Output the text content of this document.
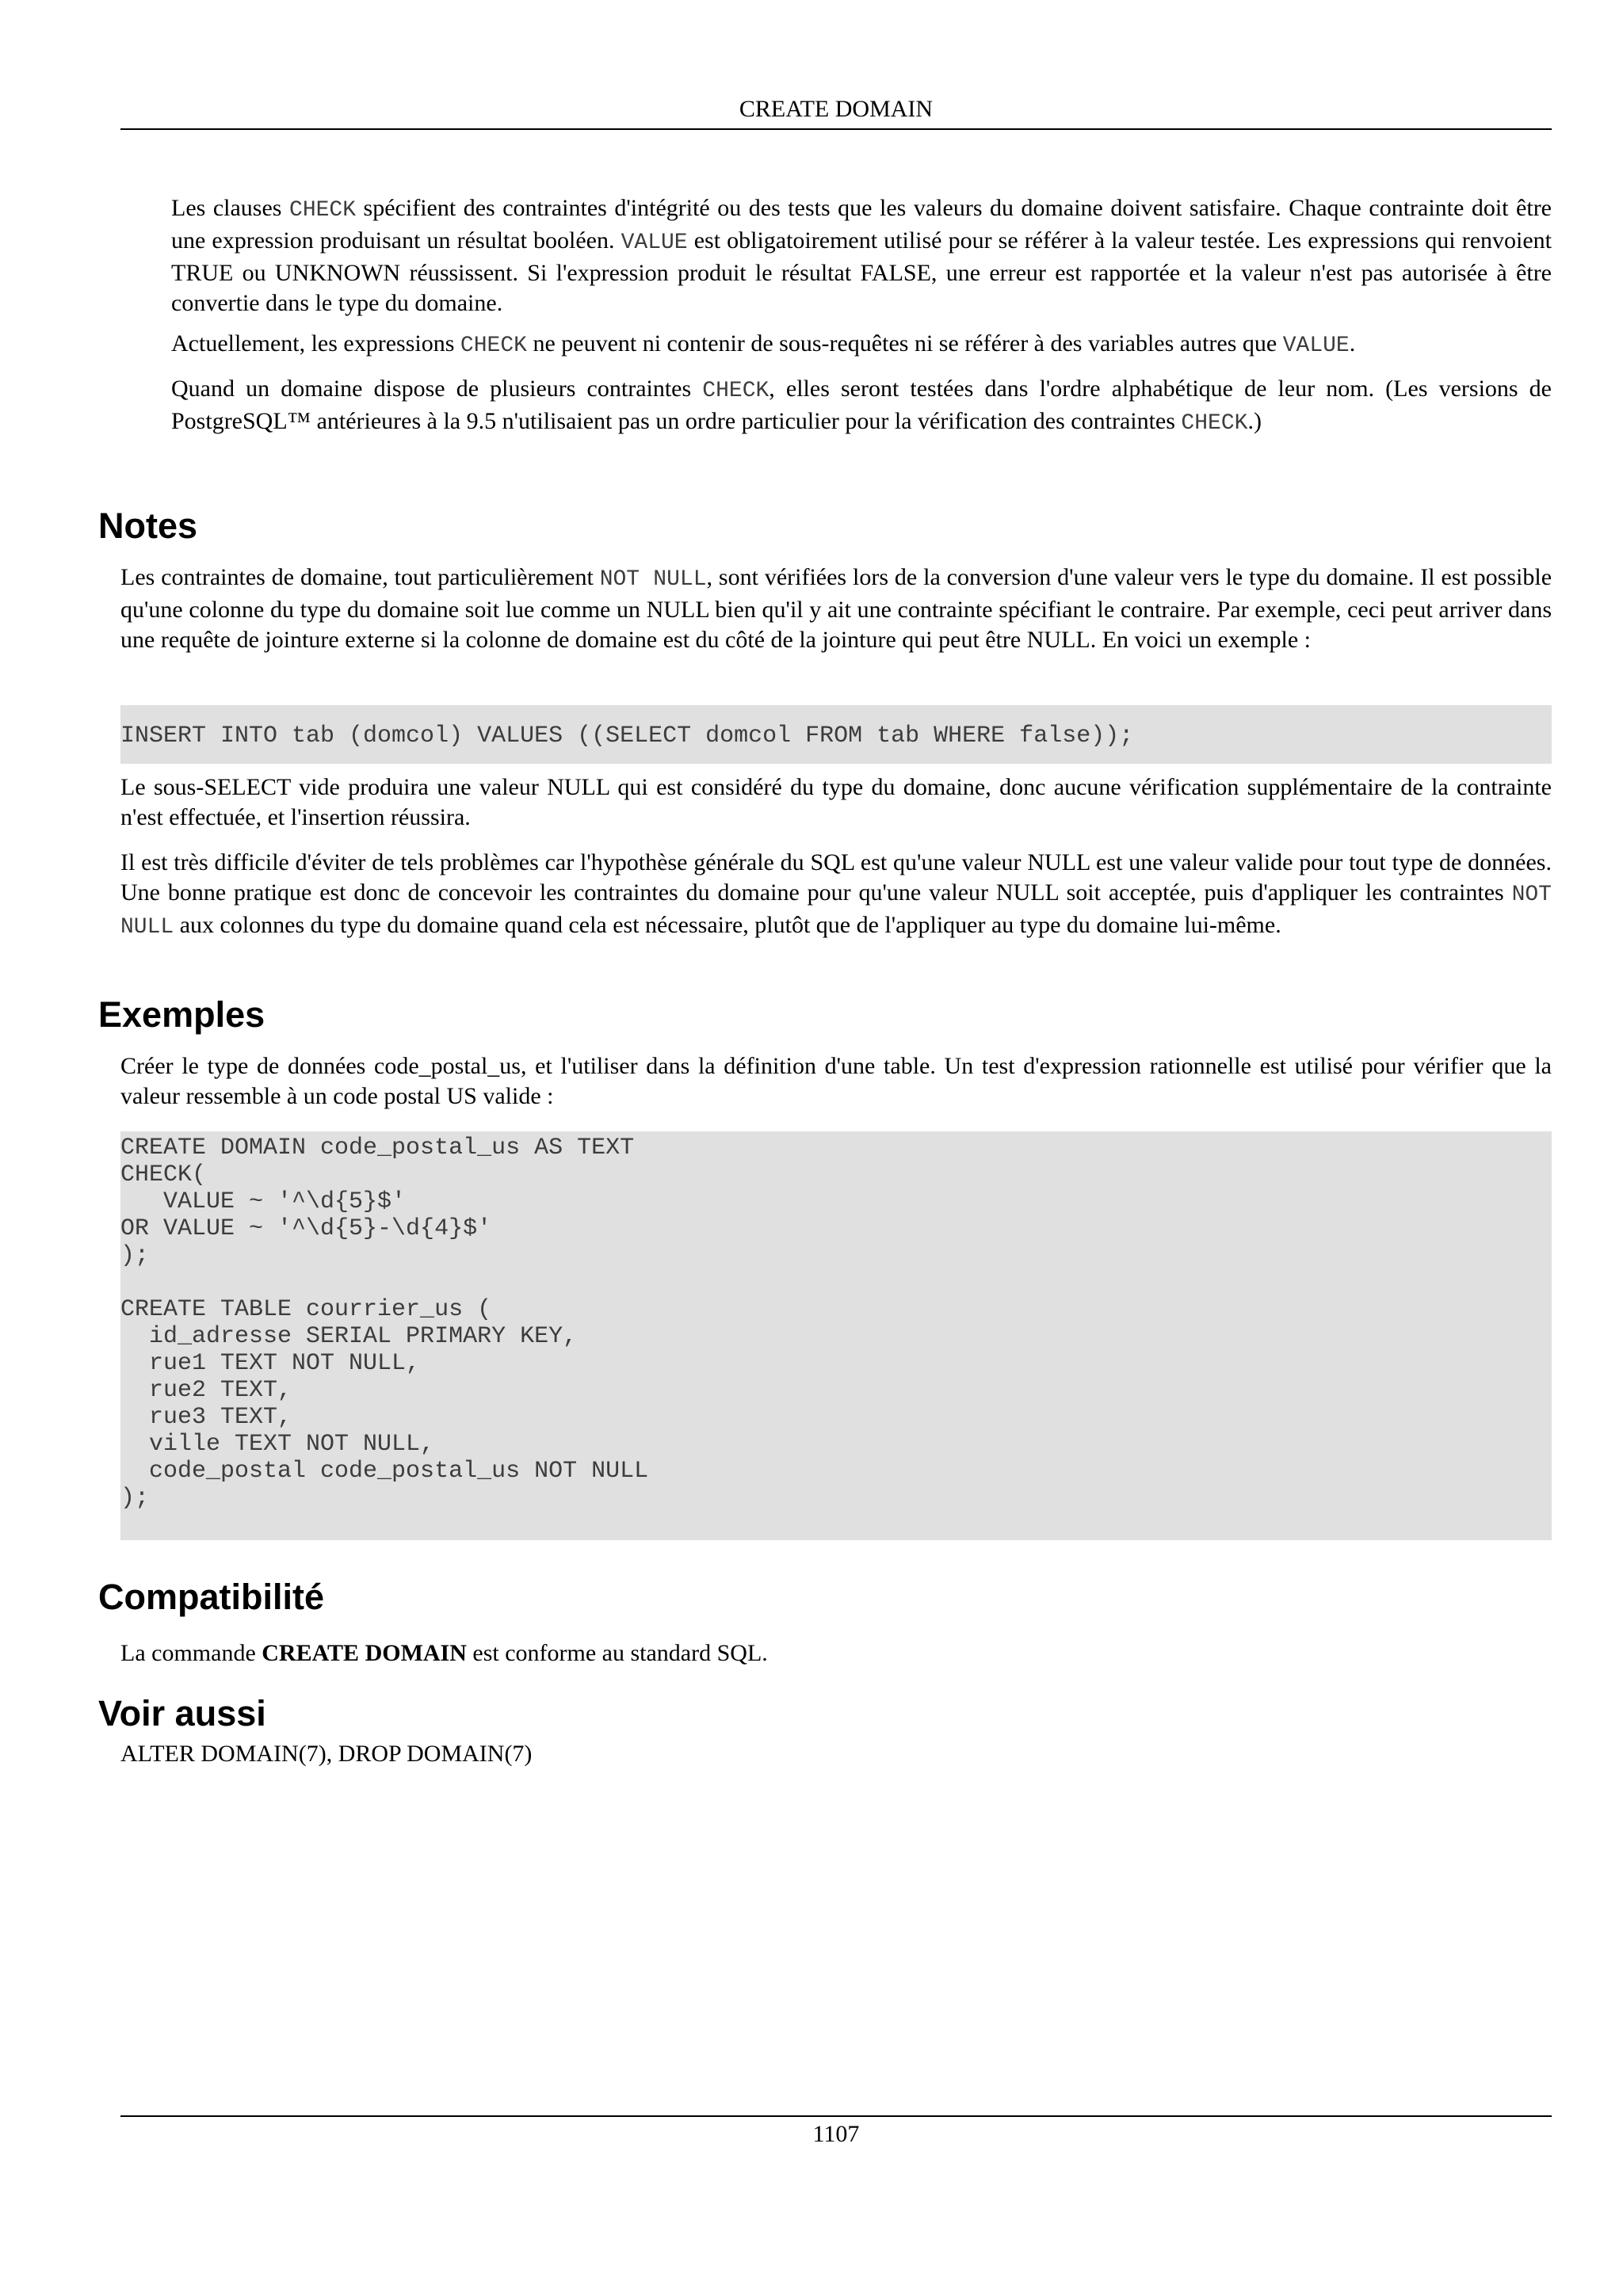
CREATE DOMAIN

Les clauses CHECK spécifient des contraintes d'intégrité ou des tests que les valeurs du domaine doivent satisfaire. Chaque contrainte doit être une expression produisant un résultat booléen. VALUE est obligatoirement utilisé pour se référer à la valeur testée. Les expressions qui renvoient TRUE ou UNKNOWN réussissent. Si l'expression produit le résultat FALSE, une erreur est rapportée et la valeur n'est pas autorisée à être convertie dans le type du domaine.

Actuellement, les expressions CHECK ne peuvent ni contenir de sous-requêtes ni se référer à des variables autres que VALUE.

Quand un domaine dispose de plusieurs contraintes CHECK, elles seront testées dans l'ordre alphabétique de leur nom. (Les versions de PostgreSQL™ antérieures à la 9.5 n'utilisaient pas un ordre particulier pour la vérification des contraintes CHECK.)

Notes

Les contraintes de domaine, tout particulièrement NOT NULL, sont vérifiées lors de la conversion d'une valeur vers le type du domaine. Il est possible qu'une colonne du type du domaine soit lue comme un NULL bien qu'il y ait une contrainte spécifiant le contraire. Par exemple, ceci peut arriver dans une requête de jointure externe si la colonne de domaine est du côté de la jointure qui peut être NULL. En voici un exemple :

INSERT INTO tab (domcol) VALUES ((SELECT domcol FROM tab WHERE false));

Le sous-SELECT vide produira une valeur NULL qui est considéré du type du domaine, donc aucune vérification supplémentaire de la contrainte n'est effectuée, et l'insertion réussira.

Il est très difficile d'éviter de tels problèmes car l'hypothèse générale du SQL est qu'une valeur NULL est une valeur valide pour tout type de données. Une bonne pratique est donc de concevoir les contraintes du domaine pour qu'une valeur NULL soit acceptée, puis d'appliquer les contraintes NOT NULL aux colonnes du type du domaine quand cela est nécessaire, plutôt que de l'appliquer au type du domaine lui-même.

Exemples

Créer le type de données code_postal_us, et l'utiliser dans la définition d'une table. Un test d'expression rationnelle est utilisé pour vérifier que la valeur ressemble à un code postal US valide :

CREATE DOMAIN code_postal_us AS TEXT
CHECK(
VALUE ~ '^\d{5}$'
OR VALUE ~ '^\d{5}-\d{4}$'
);

CREATE TABLE courrier_us (
id_adresse SERIAL PRIMARY KEY,
rue1 TEXT NOT NULL,
rue2 TEXT,
rue3 TEXT,
ville TEXT NOT NULL,
code_postal code_postal_us NOT NULL
);
Compatibilité

La commande CREATE DOMAIN est conforme au standard SQL.

Voir aussi

ALTER DOMAIN(7), DROP DOMAIN(7)

1107
